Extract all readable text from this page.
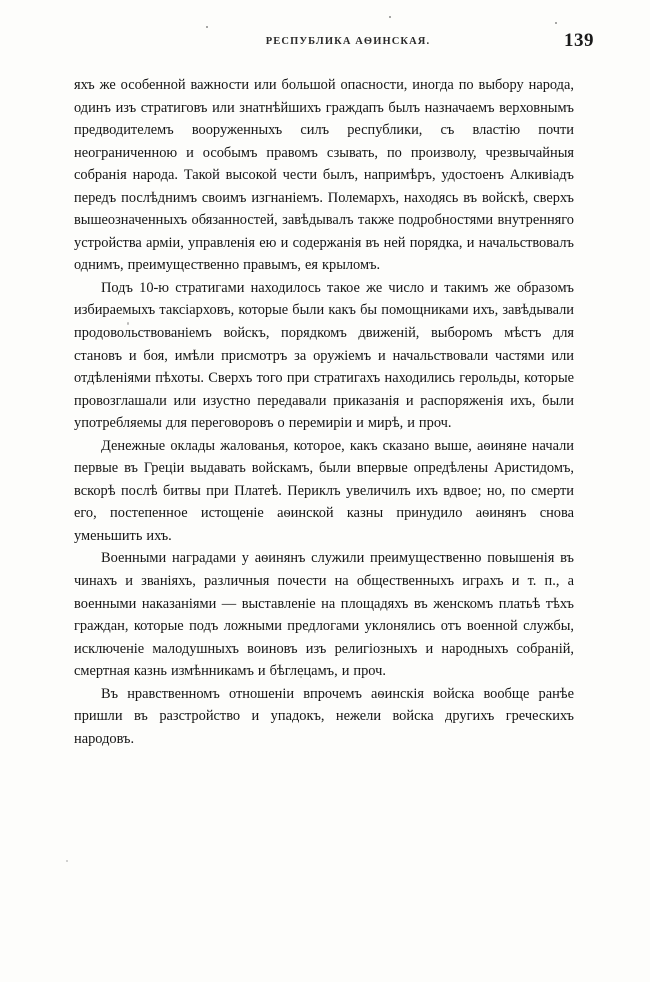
РЕСПУБЛИКА АѲИНСКАЯ.	139

яхъ же особенной важности или большой опасности, иногда по выбору народа, одинъ изъ стратиговъ или знатнѣйшихъ граждапъ былъ назначаемъ верховнымъ предводителемъ вооруженныхъ силъ республики, съ властію почти неограниченною и особымъ правомъ сзывать, по произволу, чрезвычайныя собранія народа. Такой высокой чести былъ, напримѣръ, удостоенъ Алкивіадъ передъ послѣднимъ своимъ изгнаніемъ. Полемархъ, находясь въ войскѣ, сверхъ вышеозначенныхъ обязанностей, завѣдывалъ также подробностями внутренняго устройства арміи, управленія ею и содержанія въ ней порядка, и начальствовалъ однимъ, преимущественно правымъ, ея крыломъ.

Подъ 10-ю стратигами находилось такое же число и такимъ же образомъ избираемыхъ таксіарховъ, которые были какъ бы помощниками ихъ, завѣдывали продовольствованіемъ войскъ, порядкомъ движеній, выборомъ мѣстъ для становъ и боя, имѣли присмотръ за оружіемъ и начальствовали частями или отдѣленіями пѣхоты. Сверхъ того при стратигахъ находились герольды, которые провозглашали или изустно передавали приказанія и распоряженія ихъ, были употребляемы для переговоровъ о перемиріи и мирѣ, и проч.

Денежные оклады жалованья, которое, какъ сказано выше, аѳиняне начали первые въ Греціи выдавать войскамъ, были впервые опредѣлены Аристидомъ, вскорѣ послѣ битвы при Платеѣ. Периклъ увеличилъ ихъ вдвое; но, по смерти его, постепенное истощеніе аѳинской казны принудило аѳинянъ снова уменьшить ихъ.

Военными наградами у аѳинянъ служили преимущественно повышенія въ чинахъ и званіяхъ, различныя почести на общественныхъ играхъ и т. п., а военными наказаніями — выставленіе на площадяхъ въ женскомъ платьѣ тѣхъ граждан, которые подъ ложными предлогами уклонялись отъ военной службы, исключеніе малодушныхъ воиновъ изъ религіозныхъ и народныхъ собраній, смертная казнь измѣнникамъ и бѣглецамъ, и проч.

Въ нравственномъ отношеніи впрочемъ аѳинскія войска вообще ранѣе пришли въ разстройство и упадокъ, нежели войска другихъ греческихъ народовъ.
